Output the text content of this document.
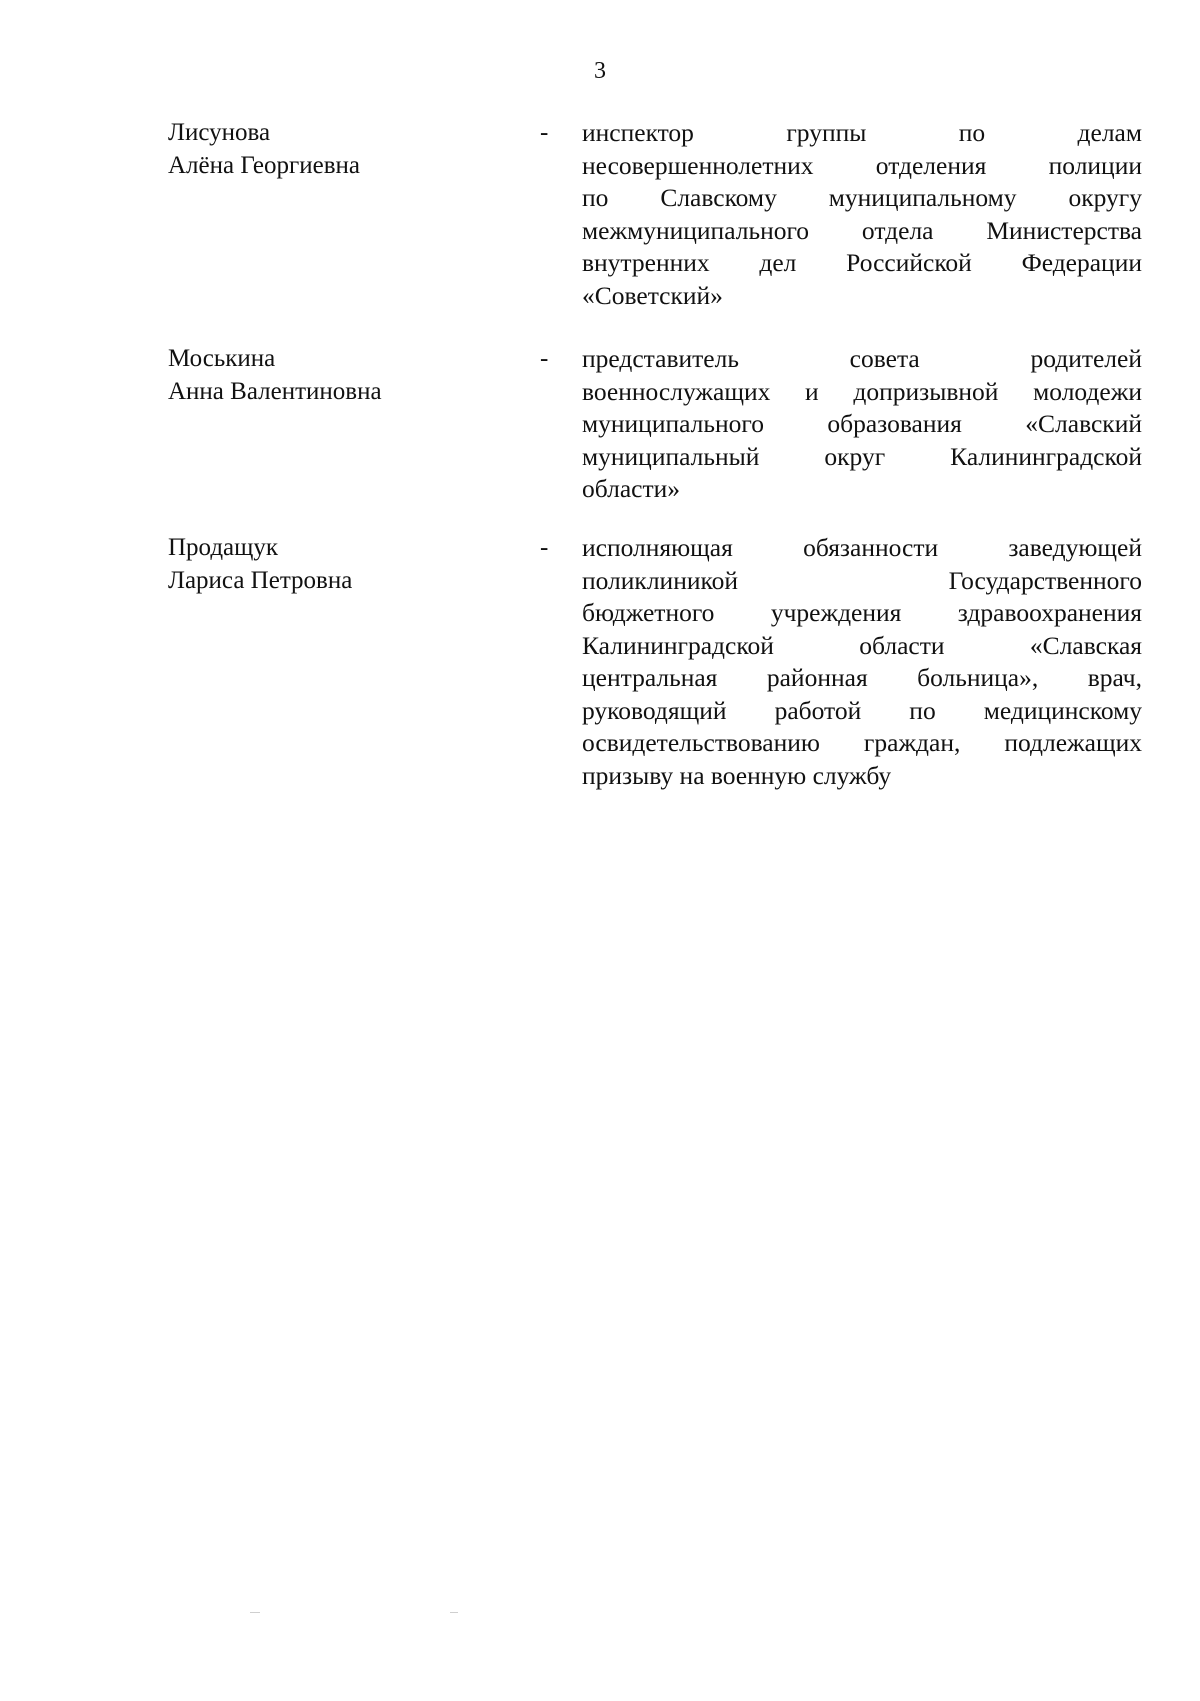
3
Лисунова
Алёна Георгиевна
- инспектор группы по делам
несовершеннолетних отделения полиции
по Славскому муниципальному округу
межмуниципального отдела Министерства
внутренних дел Российской Федерации
«Советский»
Моськина
Анна Валентиновна
- представитель совета родителей
военнослужащих и допризывной молодежи
муниципального образования «Славский
муниципальный округ Калининградской
области»
Продащук
Лариса Петровна
- исполняющая обязанности заведующей
поликлиникой Государственного
бюджетного учреждения здравоохранения
Калининградской области «Славская
центральная районная больница», врач,
руководящий работой по медицинскому
освидетельствованию граждан, подлежащих
призыву на военную службу
